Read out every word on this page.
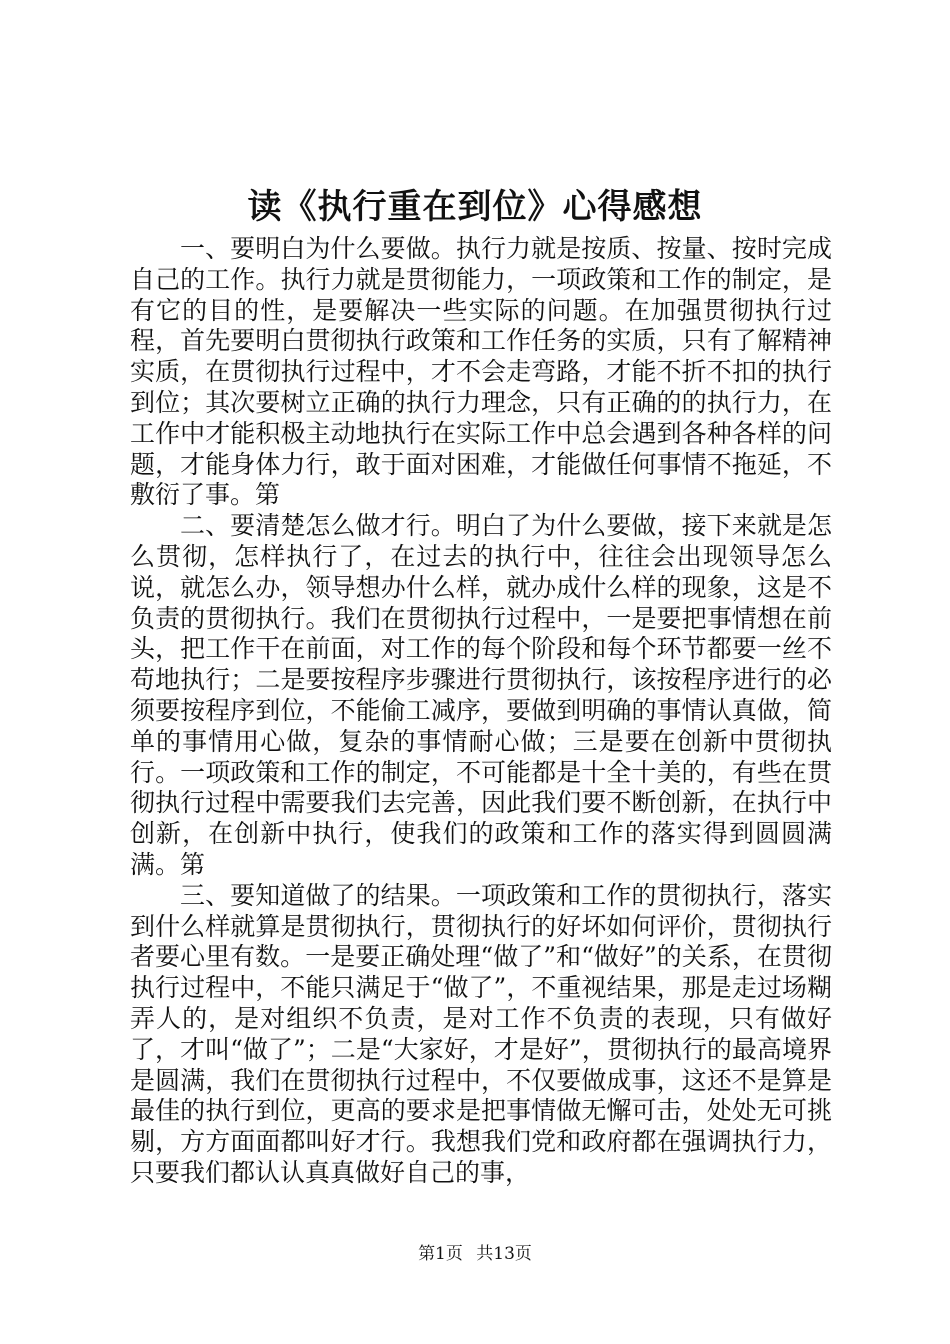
读《执行重在到位》心得感想

一、要明白为什么要做。执行力就是按质、按量、按时完成自己的工作。执行力就是贯彻能力，一项政策和工作的制定，是有它的目的性，是要解决一些实际的问题。在加强贯彻执行过程，首先要明白贯彻执行政策和工作任务的实质，只有了解精神实质，在贯彻执行过程中，才不会走弯路，才能不折不扣的执行到位；其次要树立正确的执行力理念，只有正确的的执行力，在工作中才能积极主动地执行在实际工作中总会遇到各种各样的问题，才能身体力行，敢于面对困难，才能做任何事情不拖延，不敷衍了事。第

二、要清楚怎么做才行。明白了为什么要做，接下来就是怎么贯彻，怎样执行了，在过去的执行中，往往会出现领导怎么说，就怎么办，领导想办什么样，就办成什么样的现象，这是不负责的贯彻执行。我们在贯彻执行过程中，一是要把事情想在前头，把工作干在前面，对工作的每个阶段和每个环节都要一丝不苟地执行；二是要按程序步骤进行贯彻执行，该按程序进行的必须要按程序到位，不能偷工减序，要做到明确的事情认真做，简单的事情用心做，复杂的事情耐心做；三是要在创新中贯彻执行。一项政策和工作的制定，不可能都是十全十美的，有些在贯彻执行过程中需要我们去完善，因此我们要不断创新，在执行中创新，在创新中执行，使我们的政策和工作的落实得到圆圆满满。第

三、要知道做了的结果。一项政策和工作的贯彻执行，落实到什么样就算是贯彻执行，贯彻执行的好坏如何评价，贯彻执行者要心里有数。一是要正确处理“做了”和“做好”的关系，在贯彻执行过程中，不能只满足于“做了”，不重视结果，那是走过场糊弄人的，是对组织不负责，是对工作不负责的表现，只有做好了，才叫“做了”；二是“大家好，才是好”，贯彻执行的最高境界是圆满，我们在贯彻执行过程中，不仅要做成事，这还不是算是最佳的执行到位，更高的要求是把事情做无懈可击，处处无可挑剔，方方面面都叫好才行。我想我们党和政府都在强调执行力，只要我们都认认真真做好自己的事，

第1页 共13页
